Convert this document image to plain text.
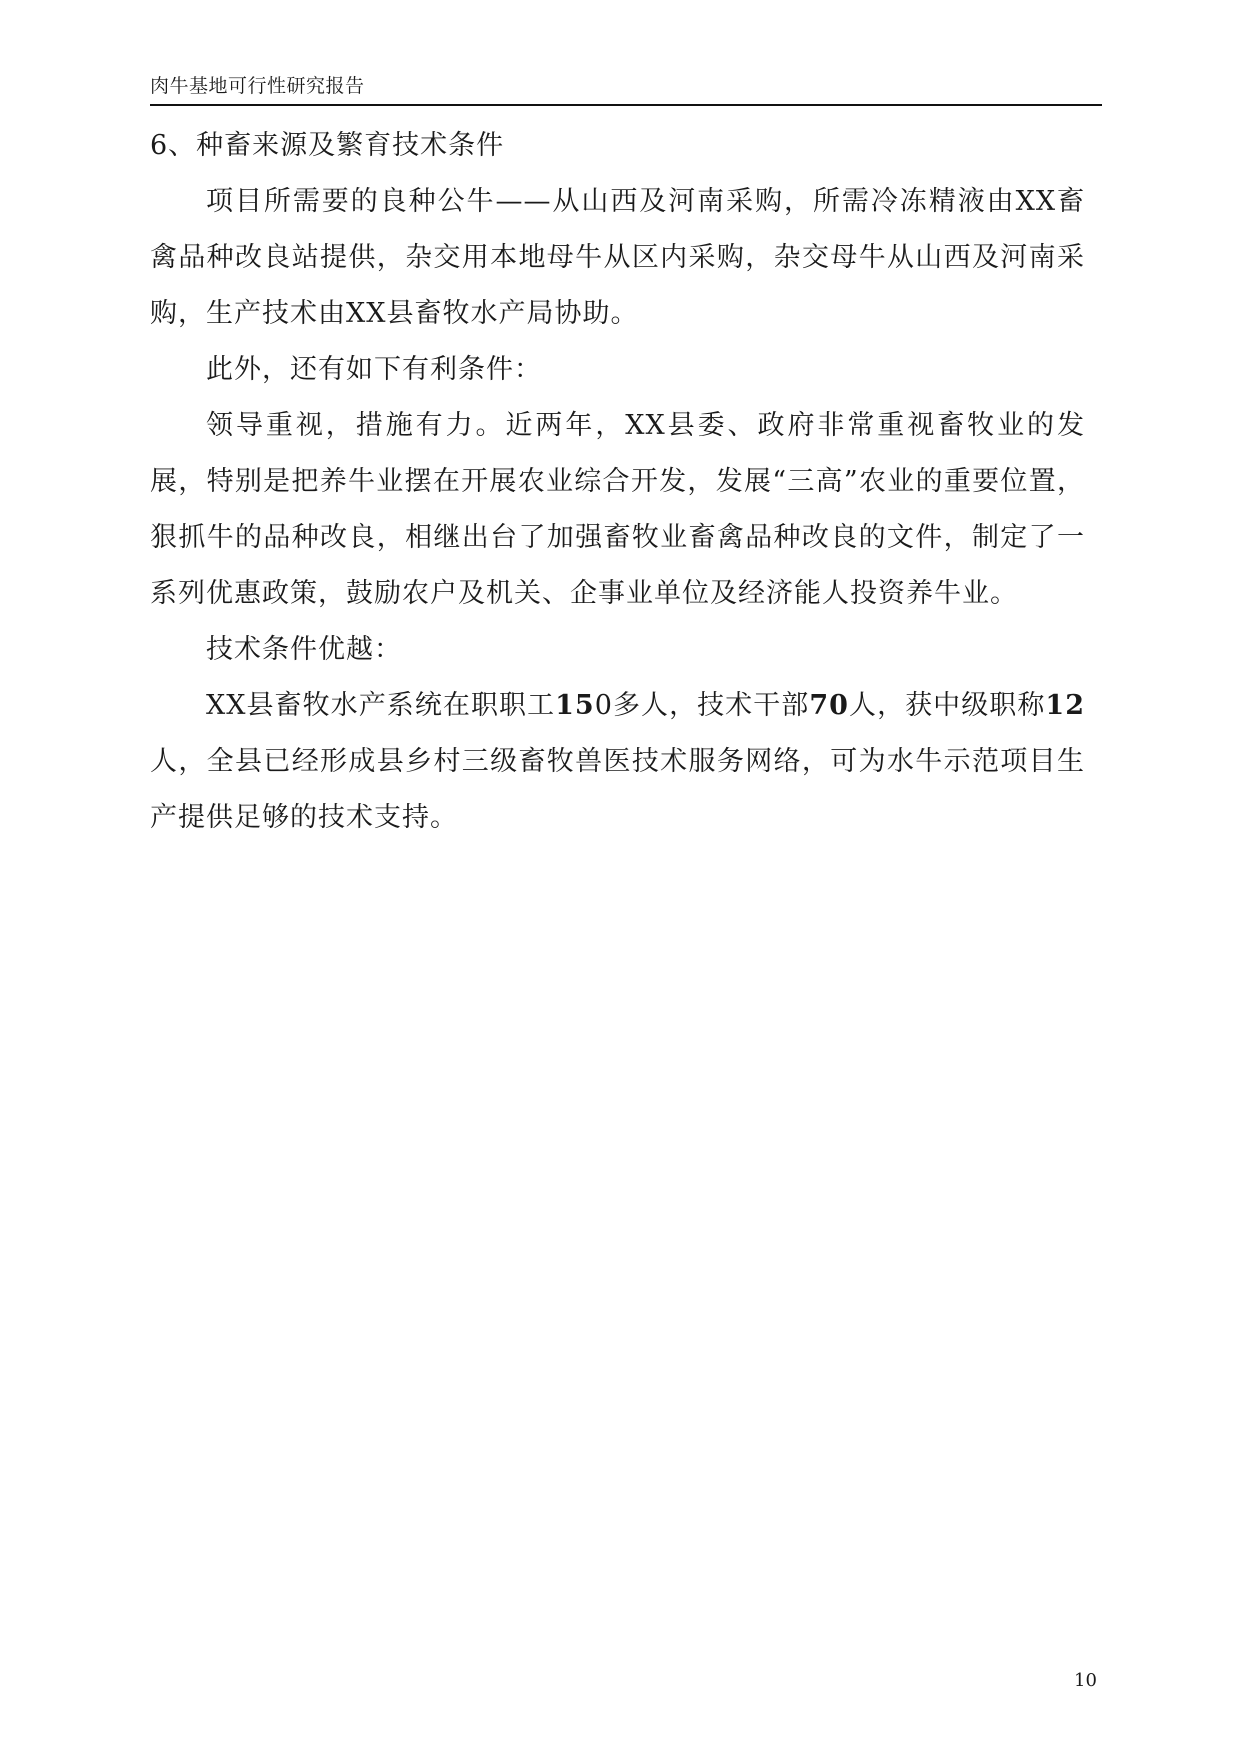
肉牛基地可行性研究报告

6、种畜来源及繁育技术条件

项目所需要的良种公牛——从山西及河南采购，所需冷冻精液由XX畜禽品种改良站提供，杂交用本地母牛从区内采购，杂交母牛从山西及河南采购，生产技术由XX县畜牧水产局协助。

此外，还有如下有利条件：

领导重视，措施有力。近两年，XX县委、政府非常重视畜牧业的发展，特别是把养牛业摆在开展农业综合开发，发展“三高”农业的重要位置，狠抓牛的品种改良，相继出台了加强畜牧业畜禽品种改良的文件，制定了一系列优惠政策，鼓励农户及机关、企事业单位及经济能人投资养牛业。

技术条件优越：

XX县畜牧水产系统在职职工150多人，技术干部70人，获中级职称12人，全县已经形成县乡村三级畜牧兽医技术服务网络，可为水牛示范项目生产提供足够的技术支持。

10
